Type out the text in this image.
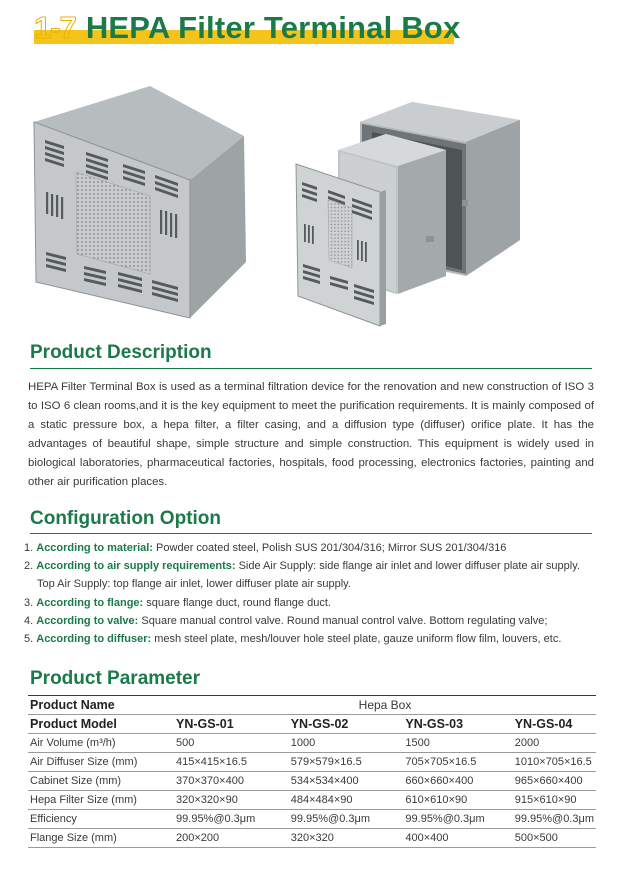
1-7 HEPA Filter Terminal Box
Product Description
HEPA Filter Terminal Box is used as a terminal filtration device for the renovation and new construction of ISO 3 to ISO 6 clean rooms,and it is the key equipment to meet the purification requirements. It is mainly composed of a static pressure box, a hepa filter, a filter casing, and a diffusion type (diffuser) orifice plate. It has the advantages of beautiful shape, simple structure and simple construction. This equipment is widely used in biological laboratories, pharmaceutical factories, hospitals, food processing, electronics factories, painting and other air purification places.
Configuration Option
1. According to material: Powder coated steel, Polish SUS 201/304/316; Mirror SUS 201/304/316
2. According to air supply requirements: Side Air Supply: side flange air inlet and lower diffuser plate air supply.
Top Air Supply: top flange air inlet, lower diffuser plate air supply.
3. According to flange: square flange duct, round flange duct.
4. According to valve: Square manual control valve. Round manual control valve. Bottom regulating valve;
5. According to diffuser: mesh steel plate, mesh/louver hole steel plate, gauze uniform flow film, louvers, etc.
Product Parameter
Product Name	Hepa Box			
Product Model	YN-GS-01	YN-GS-02	YN-GS-03	YN-GS-04
Air Volume (m³/h)	500	1000	1500	2000
Air Diffuser Size (mm)	415×415×16.5	579×579×16.5	705×705×16.5	1010×705×16.5
Cabinet Size (mm)	370×370×400	534×534×400	660×660×400	965×660×400
Hepa Filter Size (mm)	320×320×90	484×484×90	610×610×90	915×610×90
Efficiency	99.95%@0.3μm	99.95%@0.3μm	99.95%@0.3μm	99.95%@0.3μm
Flange Size (mm)	200×200	320×320	400×400	500×500
